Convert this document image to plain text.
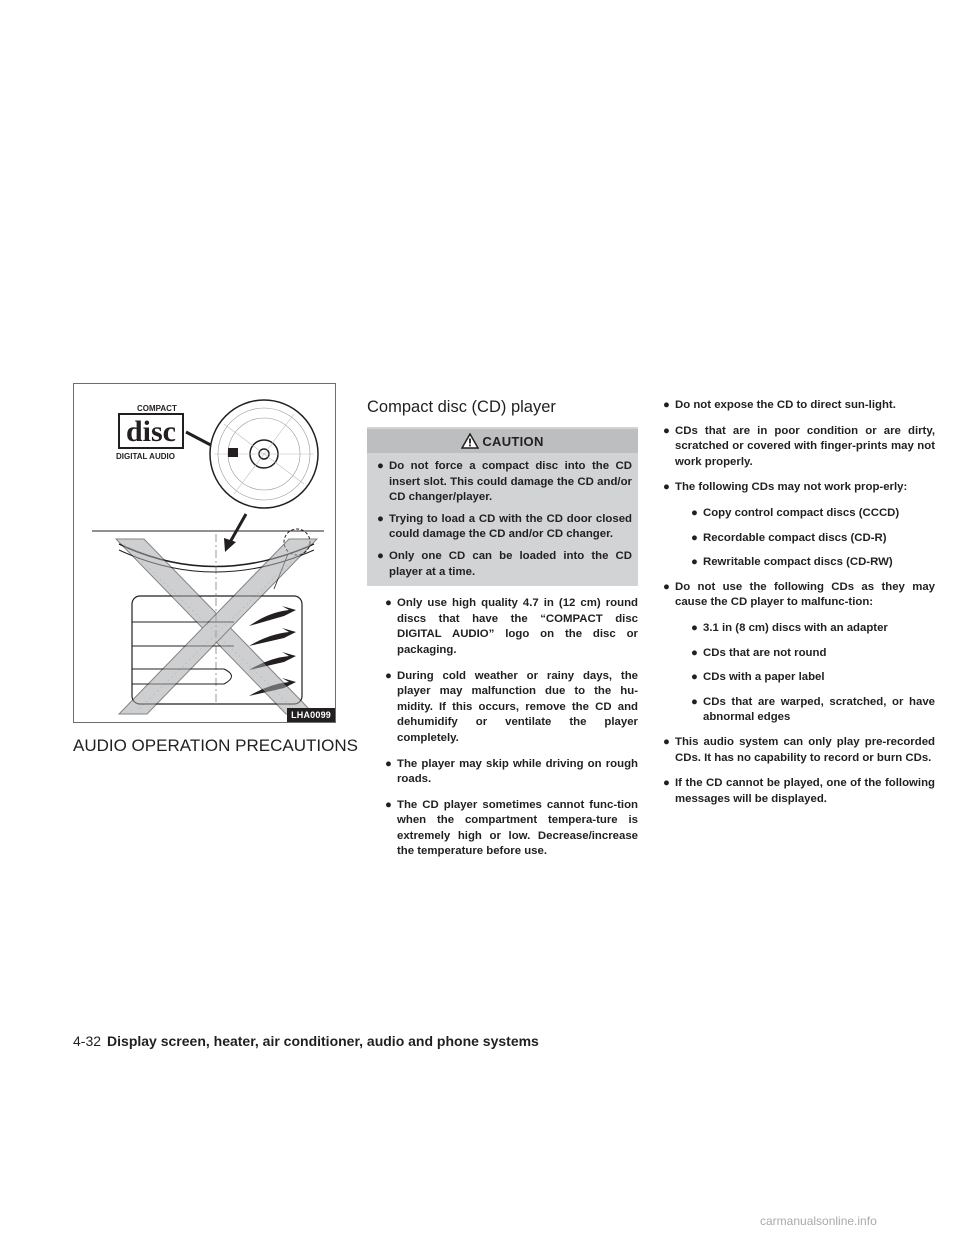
disc
COMPACT
DIGITAL AUDIO
LHA0099
AUDIO OPERATION PRECAUTIONS
Compact disc (CD) player
CAUTION
● Do not force a compact disc into the CD insert slot. This could damage the CD and/or CD changer/player.
● Trying to load a CD with the CD door closed could damage the CD and/or CD changer.
● Only one CD can be loaded into the CD player at a time.
● Only use high quality 4.7 in (12 cm) round discs that have the “COMPACT disc DIGITAL AUDIO” logo on the disc or packaging.
● During cold weather or rainy days, the player may malfunction due to the hu-midity. If this occurs, remove the CD and dehumidify or ventilate the player completely.
● The player may skip while driving on rough roads.
● The CD player sometimes cannot func-tion when the compartment tempera-ture is extremely high or low. Decrease/increase the temperature before use.
● Do not expose the CD to direct sun-light.
● CDs that are in poor condition or are dirty, scratched or covered with finger-prints may not work properly.
● The following CDs may not work prop-erly:
● Copy control compact discs (CCCD)
● Recordable compact discs (CD-R)
● Rewritable compact discs (CD-RW)
● Do not use the following CDs as they may cause the CD player to malfunc-tion:
● 3.1 in (8 cm) discs with an adapter
● CDs that are not round
● CDs with a paper label
● CDs that are warped, scratched, or have abnormal edges
● This audio system can only play pre-recorded CDs. It has no capability to record or burn CDs.
● If the CD cannot be played, one of the following messages will be displayed.
4-32 Display screen, heater, air conditioner, audio and phone systems
carmanualsonline.info
